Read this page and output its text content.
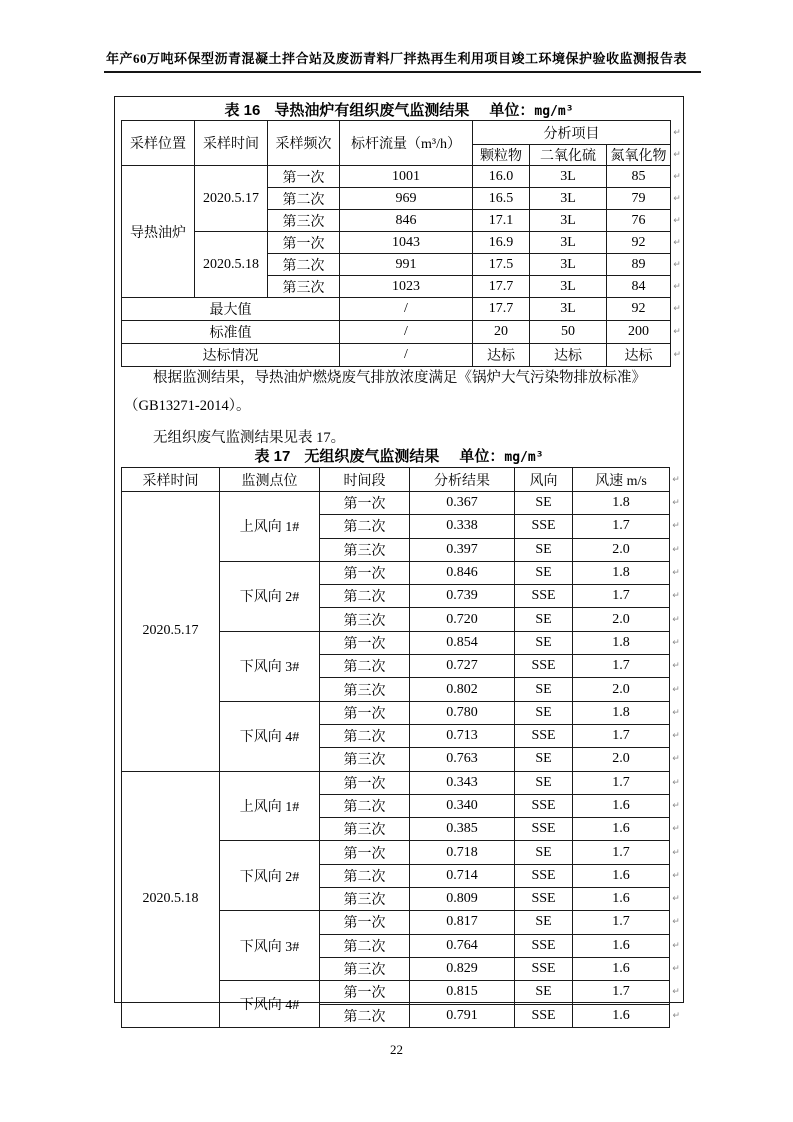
年产60万吨环保型沥青混凝土拌合站及废沥青料厂拌热再生利用项目竣工环境保护验收监测报告表
表 16 导热油炉有组织废气监测结果 单位：mg/m³
采样位置	采样时间	采样频次	标杆流量（m³/h）	分析项目			↵
				颗粒物	二氧化硫	氮氧化物	↵
导热油炉	2020.5.17	第一次	1001	16.0	3L	85	↵
		第二次	969	16.5	3L	79	↵
		第三次	846	17.1	3L	76	↵
	2020.5.18	第一次	1043	16.9	3L	92	↵
		第二次	991	17.5	3L	89	↵
		第三次	1023	17.7	3L	84	↵
最大值			/	17.7	3L	92	↵
标准值			/	20	50	200	↵
达标情况			/	达标	达标	达标	↵
根据监测结果，导热油炉燃烧废气排放浓度满足《锅炉大气污染物排放标准》
（GB13271-2014）。
无组织废气监测结果见表 17。
表 17 无组织废气监测结果 单位：mg/m³
采样时间	监测点位	时间段	分析结果	风向	风速 m/s	↵
2020.5.17	上风向 1#	第一次	0.367	SE	1.8	↵
		第二次	0.338	SSE	1.7	↵
		第三次	0.397	SE	2.0	↵
	下风向 2#	第一次	0.846	SE	1.8	↵
		第二次	0.739	SSE	1.7	↵
		第三次	0.720	SE	2.0	↵
	下风向 3#	第一次	0.854	SE	1.8	↵
		第二次	0.727	SSE	1.7	↵
		第三次	0.802	SE	2.0	↵
	下风向 4#	第一次	0.780	SE	1.8	↵
		第二次	0.713	SSE	1.7	↵
		第三次	0.763	SE	2.0	↵
2020.5.18	上风向 1#	第一次	0.343	SE	1.7	↵
		第二次	0.340	SSE	1.6	↵
		第三次	0.385	SSE	1.6	↵
	下风向 2#	第一次	0.718	SE	1.7	↵
		第二次	0.714	SSE	1.6	↵
		第三次	0.809	SSE	1.6	↵
	下风向 3#	第一次	0.817	SE	1.7	↵
		第二次	0.764	SSE	1.6	↵
		第三次	0.829	SSE	1.6	↵
	下风向 4#	第一次	0.815	SE	1.7	↵
		第二次	0.791	SSE	1.6	↵
22
